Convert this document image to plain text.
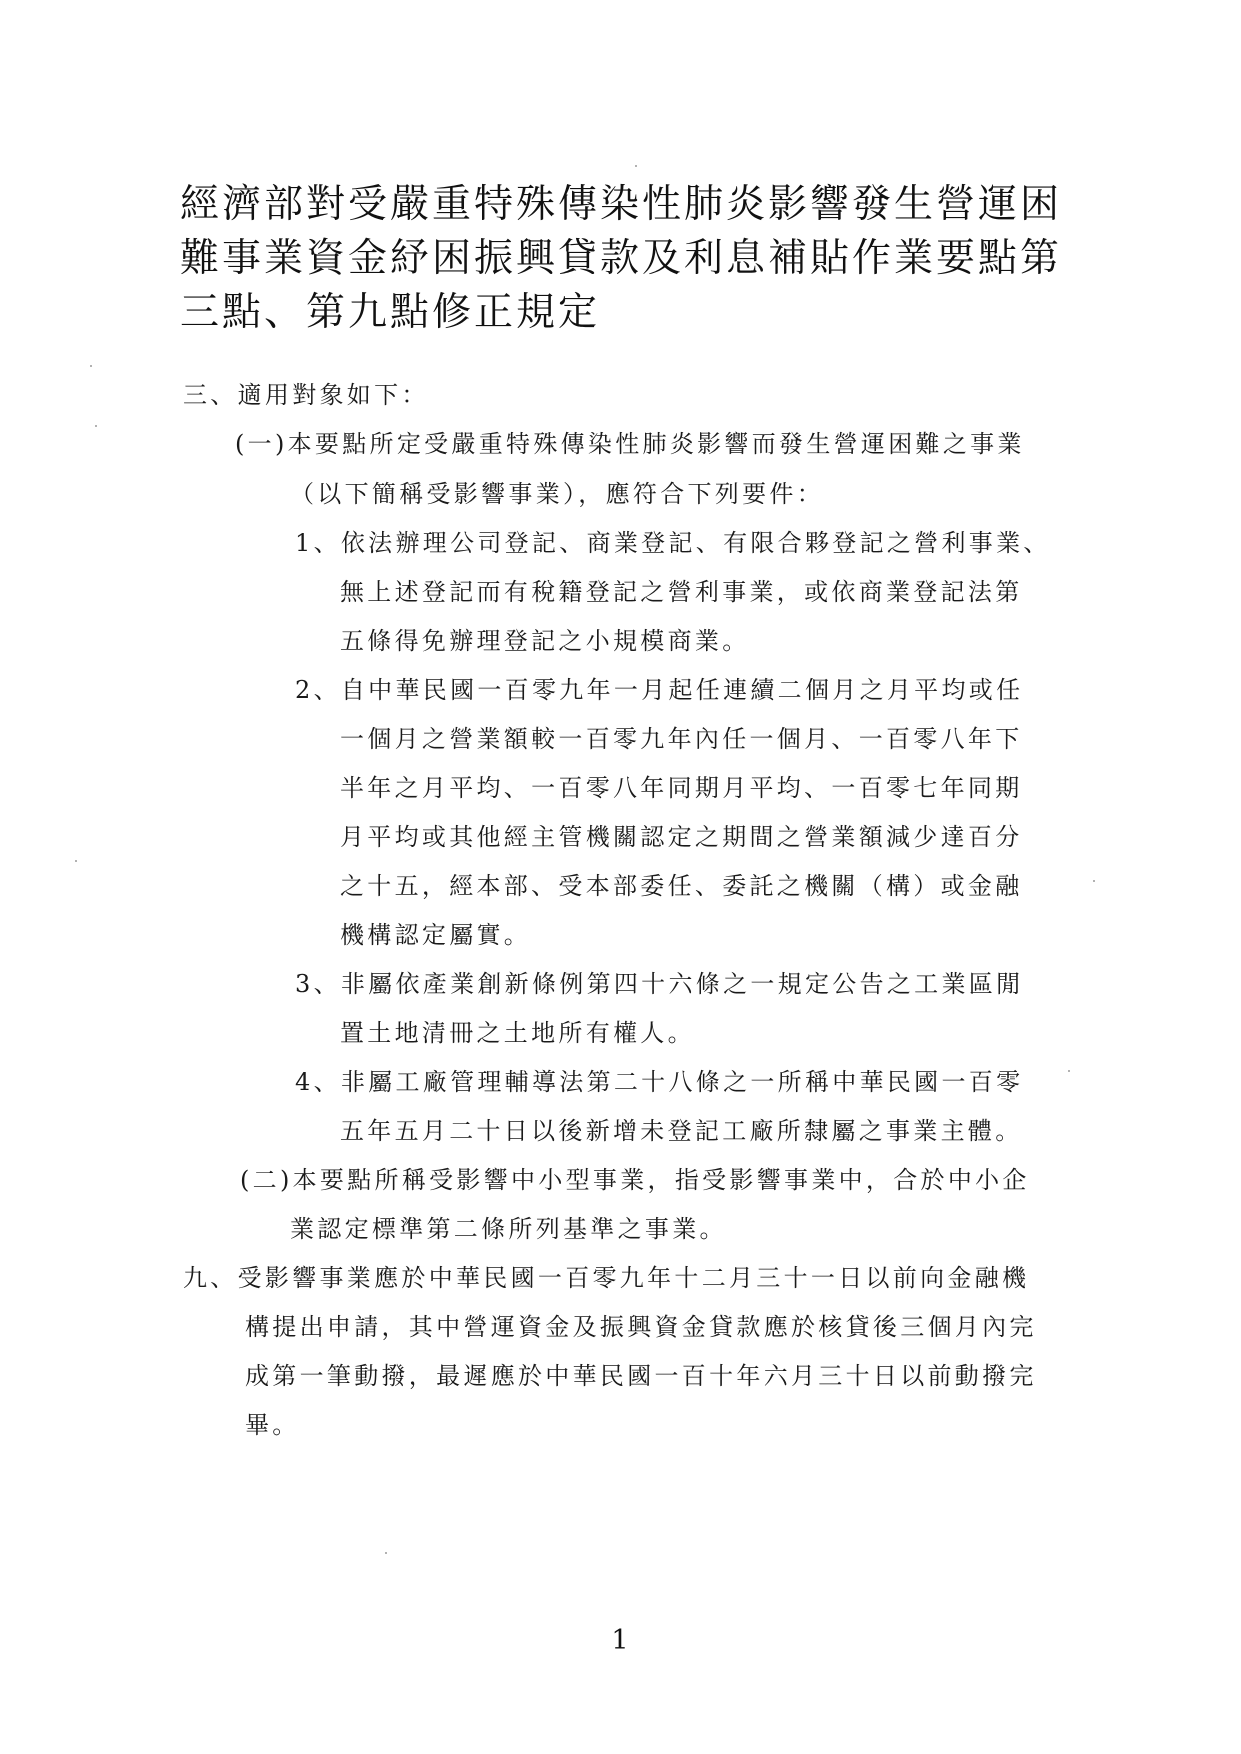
經濟部對受嚴重特殊傳染性肺炎影響發生營運困難事業資金紓困振興貸款及利息補貼作業要點第三點、第九點修正規定

三、適用對象如下：

(一)本要點所定受嚴重特殊傳染性肺炎影響而發生營運困難之事業

（以下簡稱受影響事業），應符合下列要件：

1、依法辦理公司登記、商業登記、有限合夥登記之營利事業、

無上述登記而有稅籍登記之營利事業，或依商業登記法第

五條得免辦理登記之小規模商業。

2、自中華民國一百零九年一月起任連續二個月之月平均或任

一個月之營業額較一百零九年內任一個月、一百零八年下

半年之月平均、一百零八年同期月平均、一百零七年同期

月平均或其他經主管機關認定之期間之營業額減少達百分

之十五，經本部、受本部委任、委託之機關（構）或金融

機構認定屬實。

3、非屬依產業創新條例第四十六條之一規定公告之工業區閒

置土地清冊之土地所有權人。

4、非屬工廠管理輔導法第二十八條之一所稱中華民國一百零

五年五月二十日以後新增未登記工廠所隸屬之事業主體。

(二)本要點所稱受影響中小型事業，指受影響事業中，合於中小企

業認定標準第二條所列基準之事業。

九、受影響事業應於中華民國一百零九年十二月三十一日以前向金融機

構提出申請，其中營運資金及振興資金貸款應於核貸後三個月內完

成第一筆動撥，最遲應於中華民國一百十年六月三十日以前動撥完

畢。

1
